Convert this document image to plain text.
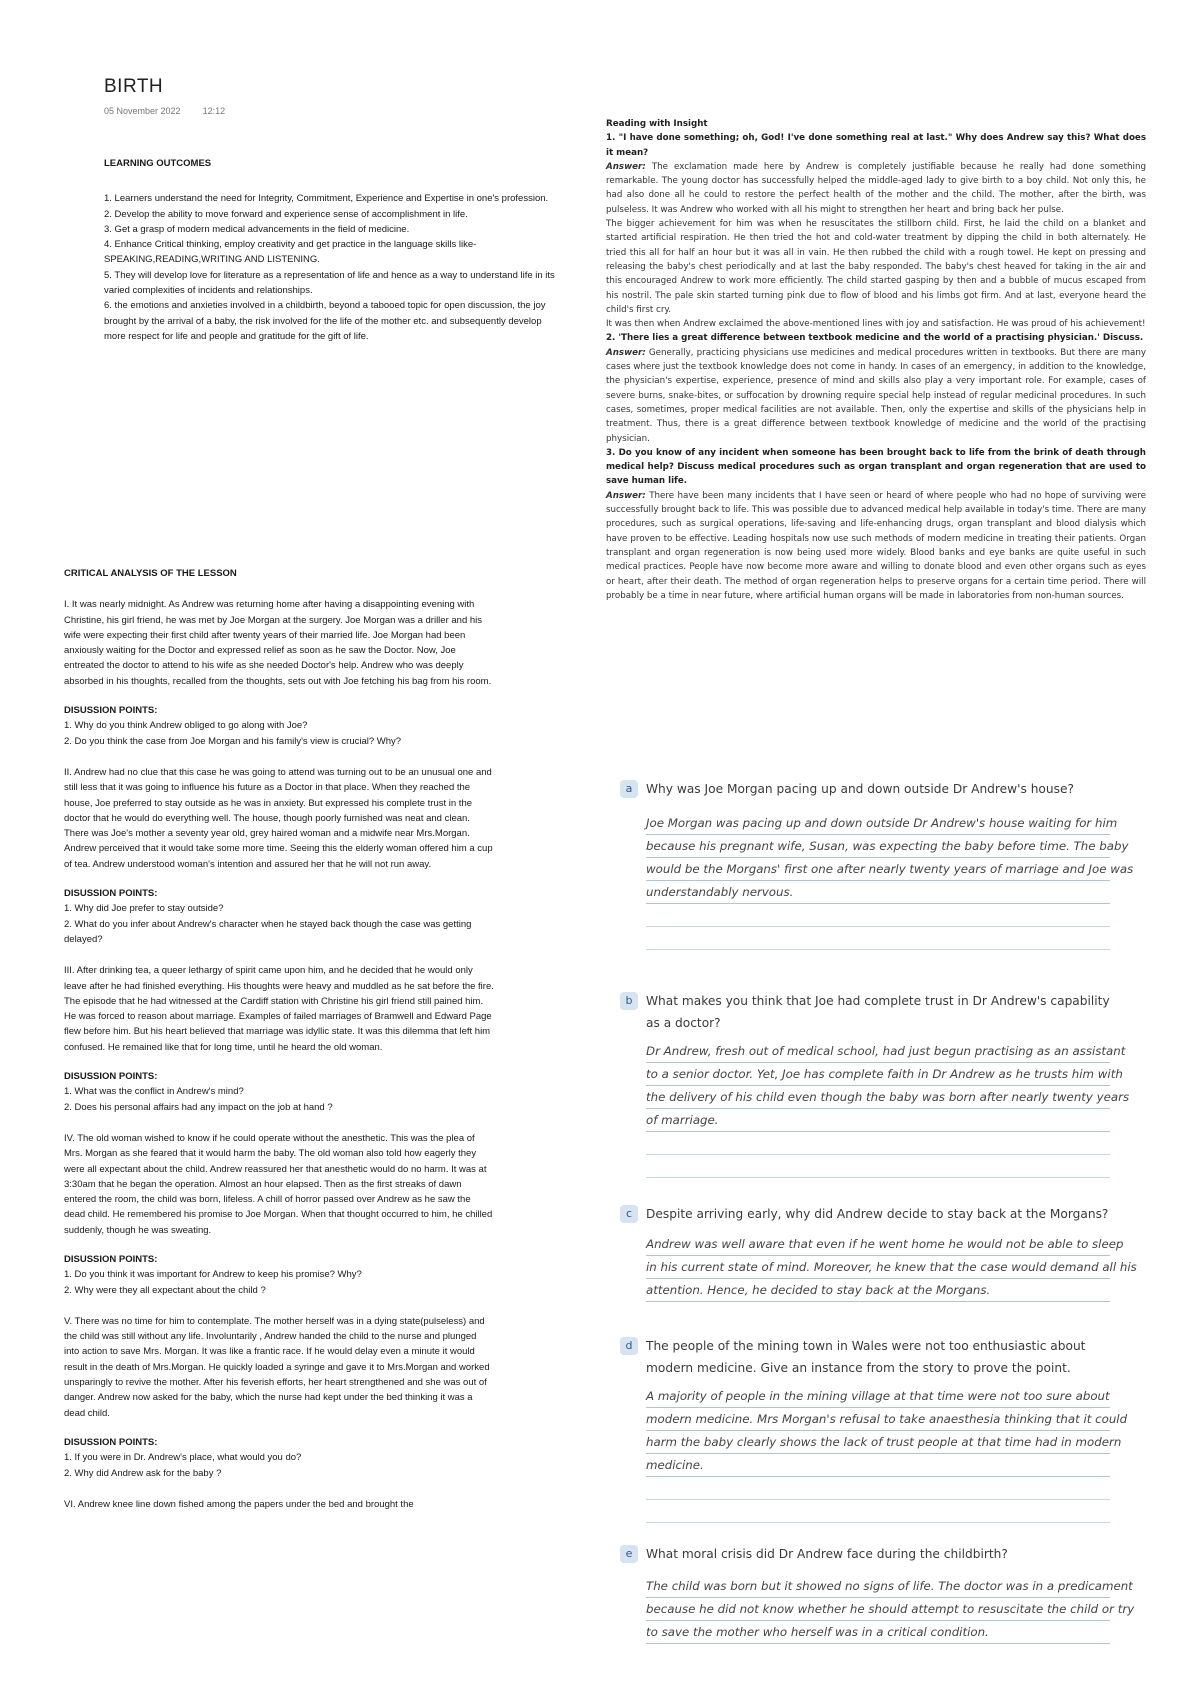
BIRTH
05 November 2022 12:12

LEARNING OUTCOMES

1. Learners understand the need for Integrity, Commitment, Experience and Expertise in one's profession.
2. Develop the ability to move forward and experience sense of accomplishment in life.
3. Get a grasp of modern medical advancements in the field of medicine.
4. Enhance Critical thinking, employ creativity and get practice in the language skills like-SPEAKING,READING,WRITING AND LISTENING.
5. They will develop love for literature as a representation of life and hence as a way to understand life in its varied complexities of incidents and relationships.
6. the emotions and anxieties involved in a childbirth, beyond a tabooed topic for open discussion, the joy brought by the arrival of a baby, the risk involved for the life of the mother etc. and subsequently develop more respect for life and people and gratitude for the gift of life.

CRITICAL ANALYSIS OF THE LESSON

I. It was nearly midnight. As Andrew was returning home after having a disappointing evening with Christine, his girl friend, he was met by Joe Morgan at the surgery. Joe Morgan was a driller and his wife were expecting their first child after twenty years of their married life. Joe Morgan had been anxiously waiting for the Doctor and expressed relief as soon as he saw the Doctor. Now, Joe entreated the doctor to attend to his wife as she needed Doctor's help. Andrew who was deeply absorbed in his thoughts, recalled from the thoughts, sets out with Joe fetching his bag from his room.

DISUSSION POINTS:

1. Why do you think Andrew obliged to go along with Joe?

2. Do you think the case from Joe Morgan and his family's view is crucial? Why?

II. Andrew had no clue that this case he was going to attend was turning out to be an unusual one and still less that it was going to influence his future as a Doctor in that place. When they reached the house, Joe preferred to stay outside as he was in anxiety. But expressed his complete trust in the doctor that he would do everything well. The house, though poorly furnished was neat and clean. There was Joe's mother a seventy year old, grey haired woman and a midwife near Mrs.Morgan. Andrew perceived that it would take some more time. Seeing this the elderly woman offered him a cup of tea. Andrew understood woman's intention and assured her that he will not run away.

DISUSSION POINTS:

1. Why did Joe prefer to stay outside?

2. What do you infer about Andrew's character when he stayed back though the case was getting delayed?

III. After drinking tea, a queer lethargy of spirit came upon him, and he decided that he would only leave after he had finished everything. His thoughts were heavy and muddled as he sat before the fire. The episode that he had witnessed at the Cardiff station with Christine his girl friend still pained him. He was forced to reason about marriage. Examples of failed marriages of Bramwell and Edward Page flew before him. But his heart believed that marriage was idyllic state. It was this dilemma that left him confused. He remained like that for long time, until he heard the old woman.

DISUSSION POINTS:

1. What was the conflict in Andrew's mind?

2. Does his personal affairs had any impact on the job at hand ?

IV. The old woman wished to know if he could operate without the anesthetic. This was the plea of Mrs. Morgan as she feared that it would harm the baby. The old woman also told how eagerly they were all expectant about the child. Andrew reassured her that anesthetic would do no harm. It was at 3:30am that he began the operation. Almost an hour elapsed. Then as the first streaks of dawn entered the room, the child was born, lifeless. A chill of horror passed over Andrew as he saw the dead child. He remembered his promise to Joe Morgan. When that thought occurred to him, he chilled suddenly, though he was sweating.

DISUSSION POINTS:

1. Do you think it was important for Andrew to keep his promise? Why?

2. Why were they all expectant about the child ?

V. There was no time for him to contemplate. The mother herself was in a dying state(pulseless) and the child was still without any life. Involuntarily , Andrew handed the child to the nurse and plunged into action to save Mrs. Morgan. It was like a frantic race. If he would delay even a minute it would result in the death of Mrs.Morgan. He quickly loaded a syringe and gave it to Mrs.Morgan and worked unsparingly to revive the mother. After his feverish efforts, her heart strengthened and she was out of danger. Andrew now asked for the baby, which the nurse had kept under the bed thinking it was a dead child.

DISUSSION POINTS:

1. If you were in Dr. Andrew's place, what would you do?

2. Why did Andrew ask for the baby ?

VI. Andrew knee line down fished among the papers under the bed and brought the

Reading with Insight
1. "I have done something; oh, God! I've done something real at last." Why does Andrew say this? What does it mean?
Answer: The exclamation made here by Andrew is completely justifiable because he really had done something remarkable. The young doctor has successfully helped the middle-aged lady to give birth to a boy child. Not only this, he had also done all he could to restore the perfect health of the mother and the child. The mother, after the birth, was pulseless. It was Andrew who worked with all his might to strengthen her heart and bring back her pulse.
The bigger achievement for him was when he resuscitates the stillborn child. First, he laid the child on a blanket and started artificial respiration. He then tried the hot and cold-water treatment by dipping the child in both alternately. He tried this all for half an hour but it was all in vain. He then rubbed the child with a rough towel. He kept on pressing and releasing the baby's chest periodically and at last the baby responded. The baby's chest heaved for taking in the air and this encouraged Andrew to work more efficiently. The child started gasping by then and a bubble of mucus escaped from his nostril. The pale skin started turning pink due to flow of blood and his limbs got firm. And at last, everyone heard the child's first cry.
It was then when Andrew exclaimed the above-mentioned lines with joy and satisfaction. He was proud of his achievement!
2. 'There lies a great difference between textbook medicine and the world of a practising physician.' Discuss.
Answer: Generally, practicing physicians use medicines and medical procedures written in textbooks. But there are many cases where just the textbook knowledge does not come in handy. In cases of an emergency, in addition to the knowledge, the physician's expertise, experience, presence of mind and skills also play a very important role. For example, cases of severe burns, snake-bites, or suffocation by drowning require special help instead of regular medicinal procedures. In such cases, sometimes, proper medical facilities are not available. Then, only the expertise and skills of the physicians help in treatment. Thus, there is a great difference between textbook knowledge of medicine and the world of the practising physician.
3. Do you know of any incident when someone has been brought back to life from the brink of death through medical help? Discuss medical procedures such as organ transplant and organ regeneration that are used to save human life.
Answer: There have been many incidents that I have seen or heard of where people who had no hope of surviving were successfully brought back to life. This was possible due to advanced medical help available in today's time. There are many procedures, such as surgical operations, life-saving and life-enhancing drugs, organ transplant and blood dialysis which have proven to be effective. Leading hospitals now use such methods of modern medicine in treating their patients. Organ transplant and organ regeneration is now being used more widely. Blood banks and eye banks are quite useful in such medical practices. People have now become more aware and willing to donate blood and even other organs such as eyes or heart, after their death. The method of organ regeneration helps to preserve organs for a certain time period. There will probably be a time in near future, where artificial human organs will be made in laboratories from non-human sources.
a	Why was Joe Morgan pacing up and down outside Dr Andrew's house?
Joe Morgan was pacing up and down outside Dr Andrew's house waiting for him
because his pregnant wife, Susan, was expecting the baby before time. The baby
would be the Morgans' first one after nearly twenty years of marriage and Joe was
understandably nervous.
b	What makes you think that Joe had complete trust in Dr Andrew's capability
as a doctor?
Dr Andrew, fresh out of medical school, had just begun practising as an assistant
to a senior doctor. Yet, Joe has complete faith in Dr Andrew as he trusts him with
the delivery of his child even though the baby was born after nearly twenty years
of marriage.
c	Despite arriving early, why did Andrew decide to stay back at the Morgans?
Andrew was well aware that even if he went home he would not be able to sleep
in his current state of mind. Moreover, he knew that the case would demand all his
attention. Hence, he decided to stay back at the Morgans.
d	The people of the mining town in Wales were not too enthusiastic about
modern medicine. Give an instance from the story to prove the point.
A majority of people in the mining village at that time were not too sure about
modern medicine. Mrs Morgan's refusal to take anaesthesia thinking that it could
harm the baby clearly shows the lack of trust people at that time had in modern
medicine.
e	What moral crisis did Dr Andrew face during the childbirth?
The child was born but it showed no signs of life. The doctor was in a predicament
because he did not know whether he should attempt to resuscitate the child or try
to save the mother who herself was in a critical condition.
